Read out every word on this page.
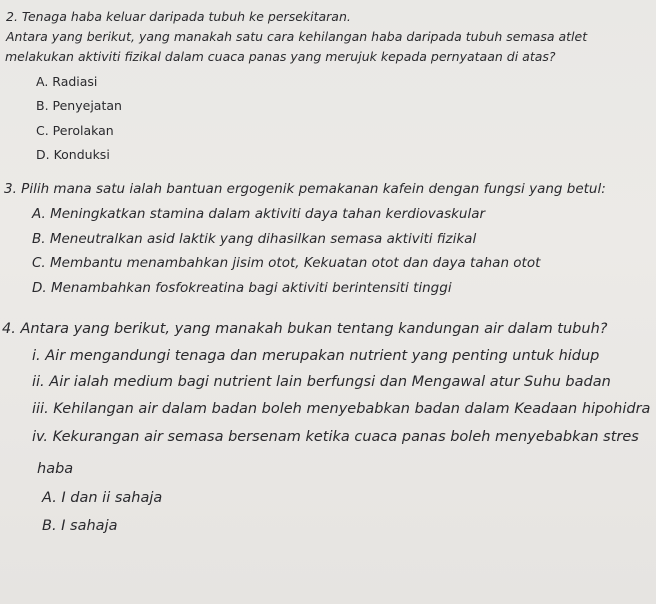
2. Tenaga haba keluar daripada tubuh ke persekitaran.
Antara yang berikut, yang manakah satu cara kehilangan haba daripada tubuh semasa atlet
melakukan aktiviti fizikal dalam cuaca panas yang merujuk kepada pernyataan di atas?
A. Radiasi
B. Penyejatan
C. Perolakan
D. Konduksi
3. Pilih mana satu ialah bantuan ergogenik pemakanan kafein dengan fungsi yang betul:
A. Meningkatkan stamina dalam aktiviti daya tahan kerdiovaskular
B. Meneutralkan asid laktik yang dihasilkan semasa aktiviti fizikal
C. Membantu menambahkan jisim otot, Kekuatan otot dan daya tahan otot
D. Menambahkan fosfokreatina bagi aktiviti berintensiti tinggi
4. Antara yang berikut, yang manakah bukan tentang kandungan air dalam tubuh?
i. Air mengandungi tenaga dan merupakan nutrient yang penting untuk hidup
ii. Air ialah medium bagi nutrient lain berfungsi dan Mengawal atur Suhu badan
iii. Kehilangan air dalam badan boleh menyebabkan badan dalam Keadaan hipohidra
iv. Kekurangan air semasa bersenam ketika cuaca panas boleh menyebabkan stres
haba
A. I dan ii sahaja
B. I sahaja
